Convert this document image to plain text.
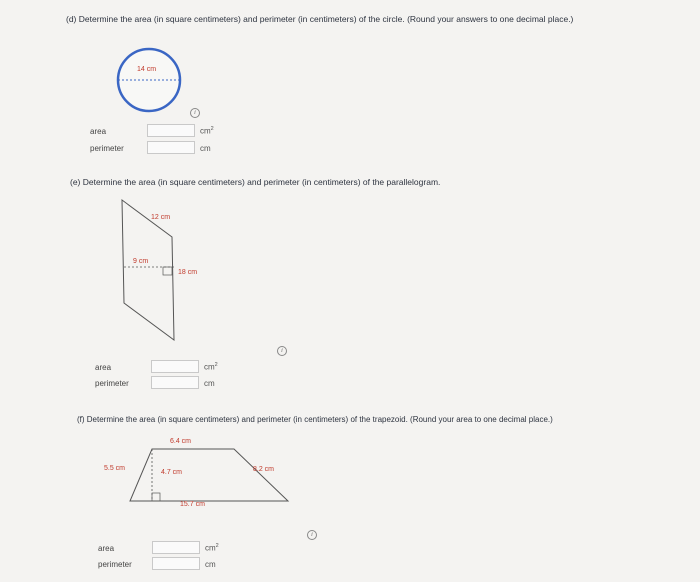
(d) Determine the area (in square centimeters) and perimeter (in centimeters) of the circle. (Round your answers to one decimal place.)
14 cm
i
area	$cm^2$
perimeter	cm
(e) Determine the area (in square centimeters) and perimeter (in centimeters) of the parallelogram.
12 cm
9 cm
18 cm
i
area	$cm^2$
perimeter	cm
(f) Determine the area (in square centimeters) and perimeter (in centimeters) of the trapezoid. (Round your area to one decimal place.)
6.4 cm
5.5 cm
4.7 cm	8.2 cm
15.7 cm
i
area	$cm^2$
perimeter	cm
